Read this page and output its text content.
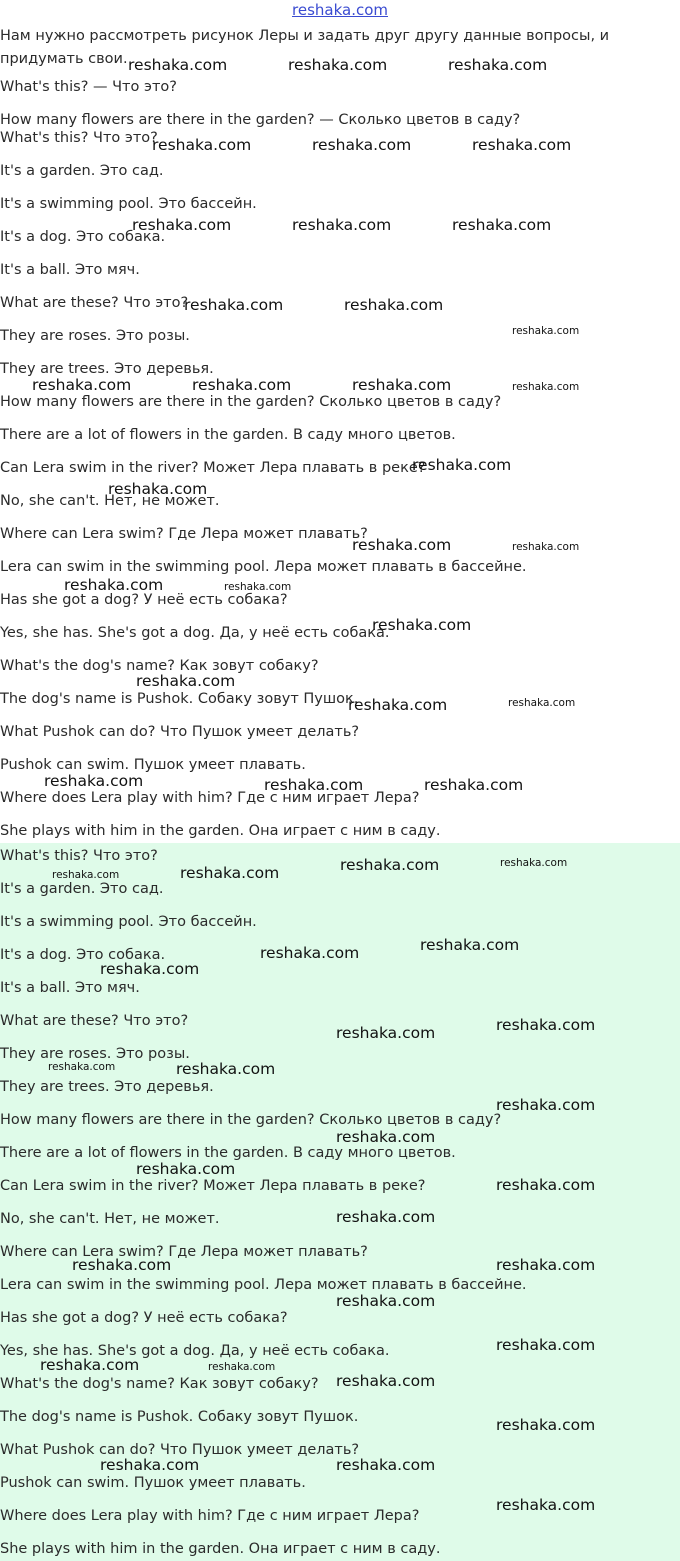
reshaka.com
Нам нужно рассмотреть рисунок Леры и задать друг другу данные вопросы, и придумать свои.
What's this? — Что это?
How many flowers are there in the garden? — Сколько цветов в саду?
What's this? Что это?
It's a garden. Это сад.
It's a swimming pool. Это бассейн.
It's a dog. Это собака.
It's a ball. Это мяч.
What are these? Что это?
They are roses. Это розы.
They are trees. Это деревья.
How many flowers are there in the garden? Сколько цветов в саду?
There are a lot of flowers in the garden. В саду много цветов.
Can Lera swim in the river? Может Лера плавать в реке?
No, she can't. Нет, не может.
Where can Lera swim? Где Лера может плавать?
Lera can swim in the swimming pool. Лера может плавать в бассейне.
Has she got a dog? У неё есть собака?
Yes, she has. She's got a dog. Да, у неё есть собака.
What's the dog's name? Как зовут собаку?
The dog's name is Pushok. Собаку зовут Пушок.
What Pushok can do? Что Пушок умеет делать?
Pushok can swim. Пушок умеет плавать.
Where does Lera play with him? Где с ним играет Лера?
She plays with him in the garden. Она играет с ним в саду.
What's this? Что это?
It's a garden. Это сад.
It's a swimming pool. Это бассейн.
It's a dog. Это собака.
It's a ball. Это мяч.
What are these? Что это?
They are roses. Это розы.
They are trees. Это деревья.
How many flowers are there in the garden? Сколько цветов в саду?
There are a lot of flowers in the garden. В саду много цветов.
Can Lera swim in the river? Может Лера плавать в реке?
No, she can't. Нет, не может.
Where can Lera swim? Где Лера может плавать?
Lera can swim in the swimming pool. Лера может плавать в бассейне.
Has she got a dog? У неё есть собака?
Yes, she has. She's got a dog. Да, у неё есть собака.
What's the dog's name? Как зовут собаку?
The dog's name is Pushok. Собаку зовут Пушок.
What Pushok can do? Что Пушок умеет делать?
Pushok can swim. Пушок умеет плавать.
Where does Lera play with him? Где с ним играет Лера?
She plays with him in the garden. Она играет с ним в саду.
reshaka.com	reshaka.com	reshaka.com
reshaka.com	reshaka.com	reshaka.com
reshaka.com	reshaka.com	reshaka.com
reshaka.com	reshaka.com
reshaka.com
reshaka.com	reshaka.com	reshaka.com	reshaka.com
reshaka.com
reshaka.com
reshaka.com	reshaka.com
reshaka.com	reshaka.com
reshaka.com
reshaka.com
reshaka.com	reshaka.com
reshaka.com	reshaka.com	reshaka.com
reshaka.com	reshaka.com
reshaka.com
reshaka.com
reshaka.com
reshaka.com
reshaka.com
reshaka.com
reshaka.com
reshaka.com	reshaka.com
reshaka.com
reshaka.com
reshaka.com
reshaka.com
reshaka.com
reshaka.com	reshaka.com
reshaka.com
reshaka.com
reshaka.com	reshaka.com
reshaka.com
reshaka.com
reshaka.com	reshaka.com
reshaka.com
